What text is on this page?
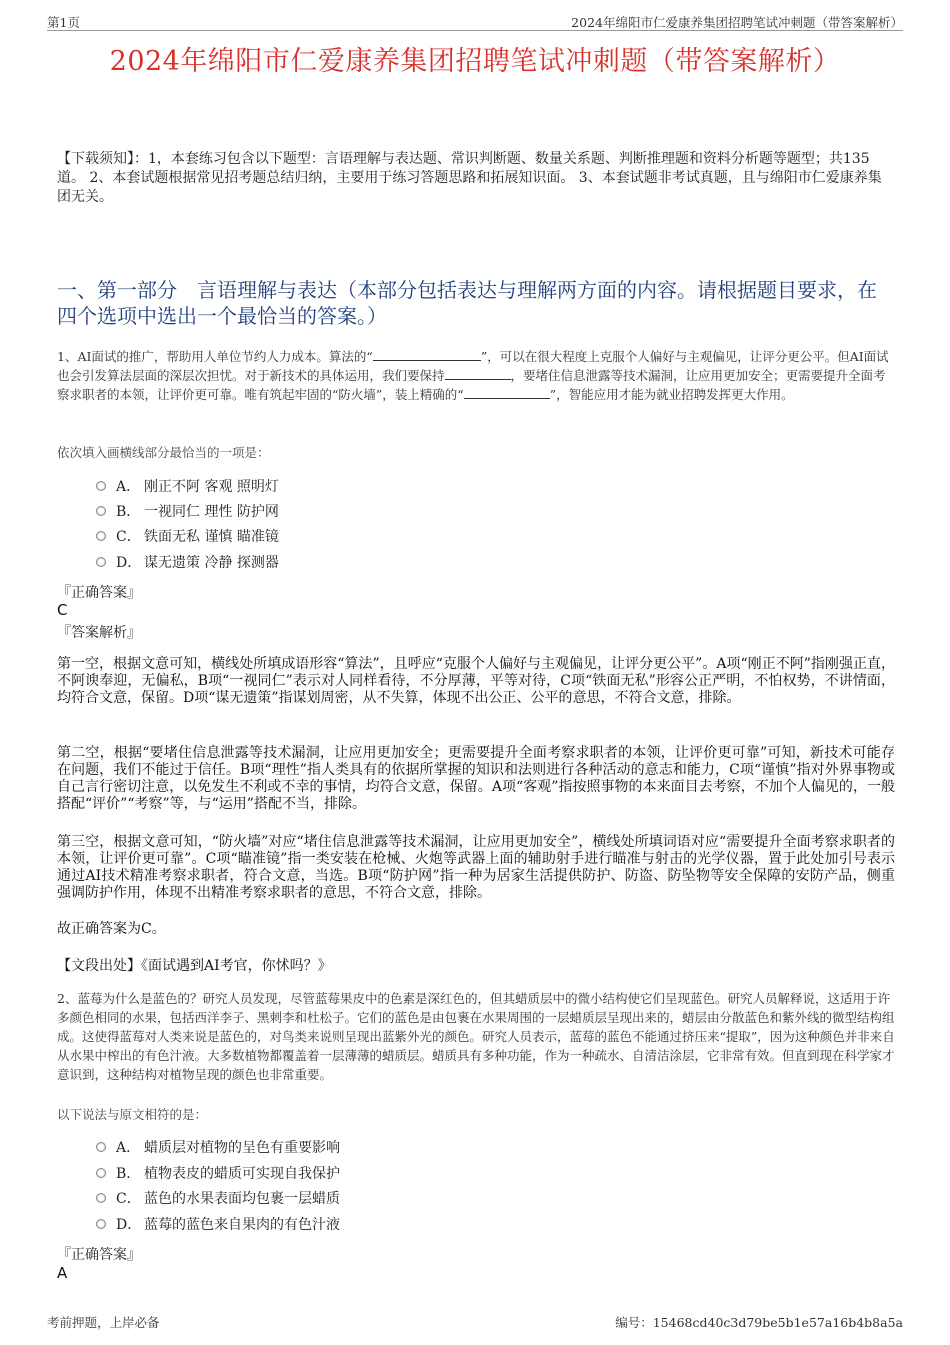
第1页	2024年绵阳市仁爱康养集团招聘笔试冲刺题（带答案解析）
2024年绵阳市仁爱康养集团招聘笔试冲刺题（带答案解析）
【下载须知】：1，本套练习包含以下题型：言语理解与表达题、常识判断题、数量关系题、判断推理题和资料分析题等题型；共135道。 2、本套试题根据常见招考题总结归纳，主要用于练习答题思路和拓展知识面。 3、本套试题非考试真题，且与绵阳市仁爱康养集团无关。
一、第一部分　言语理解与表达（本部分包括表达与理解两方面的内容。请根据题目要求，在四个选项中选出一个最恰当的答案。）
1、AI面试的推广，帮助用人单位节约人力成本。算法的“	”，可以在很大程度上克服个人偏好与主观偏见，让评分更公平。但AI面试也会引发算法层面的深层次担忧。对于新技术的具体运用，我们要保持	，要堵住信息泄露等技术漏洞，让应用更加安全；更需要提升全面考察求职者的本领，让评价更可靠。唯有筑起牢固的“防火墙”，装上精确的“	”，智能应用才能为就业招聘发挥更大作用。
依次填入画横线部分最恰当的一项是：
A． 刚正不阿 客观 照明灯
B． 一视同仁 理性 防护网
C． 铁面无私 谨慎 瞄准镜
D． 谋无遗策 冷静 探测器
『正确答案』
C
『答案解析』
第一空，根据文意可知，横线处所填成语形容“算法”，且呼应“克服个人偏好与主观偏见，让评分更公平”。A项“刚正不阿”指刚强正直，不阿谀奉迎，无偏私，B项“一视同仁”表示对人同样看待，不分厚薄，平等对待，C项“铁面无私”形容公正严明，不怕权势，不讲情面，均符合文意，保留。D项“谋无遗策”指谋划周密，从不失算，体现不出公正、公平的意思，不符合文意，排除。
第二空，根据“要堵住信息泄露等技术漏洞，让应用更加安全；更需要提升全面考察求职者的本领，让评价更可靠”可知，新技术可能存在问题，我们不能过于信任。B项“理性”指人类具有的依据所掌握的知识和法则进行各种活动的意志和能力，C项“谨慎”指对外界事物或自己言行密切注意，以免发生不利或不幸的事情，均符合文意，保留。A项“客观”指按照事物的本来面目去考察，不加个人偏见的，一般搭配“评价”“考察”等，与“运用”搭配不当，排除。
第三空，根据文意可知，“防火墙”对应“堵住信息泄露等技术漏洞，让应用更加安全”，横线处所填词语对应“需要提升全面考察求职者的本领，让评价更可靠”。C项“瞄准镜”指一类安装在枪械、火炮等武器上面的辅助射手进行瞄准与射击的光学仪器，置于此处加引号表示通过AI技术精准考察求职者，符合文意，当选。B项“防护网”指一种为居家生活提供防护、防盗、防坠物等安全保障的安防产品，侧重强调防护作用，体现不出精准考察求职者的意思，不符合文意，排除。
故正确答案为C。
【文段出处】《面试遇到AI考官，你怵吗？》
2、蓝莓为什么是蓝色的？研究人员发现，尽管蓝莓果皮中的色素是深红色的，但其蜡质层中的微小结构使它们呈现蓝色。研究人员解释说，这适用于许多颜色相同的水果，包括西洋李子、黑刺李和杜松子。它们的蓝色是由包裹在水果周围的一层蜡质层呈现出来的，蜡层由分散蓝色和紫外线的微型结构组成。这使得蓝莓对人类来说是蓝色的，对鸟类来说则呈现出蓝紫外光的颜色。研究人员表示，蓝莓的蓝色不能通过挤压来“提取”，因为这种颜色并非来自从水果中榨出的有色汁液。大多数植物都覆盖着一层薄薄的蜡质层。蜡质具有多种功能，作为一种疏水、自清洁涂层，它非常有效。但直到现在科学家才意识到，这种结构对植物呈现的颜色也非常重要。
以下说法与原文相符的是：
A． 蜡质层对植物的呈色有重要影响
B． 植物表皮的蜡质可实现自我保护
C． 蓝色的水果表面均包裹一层蜡质
D． 蓝莓的蓝色来自果肉的有色汁液
『正确答案』
A
考前押题，上岸必备	编号：15468cd40c3d79be5b1e57a16b4b8a5a
